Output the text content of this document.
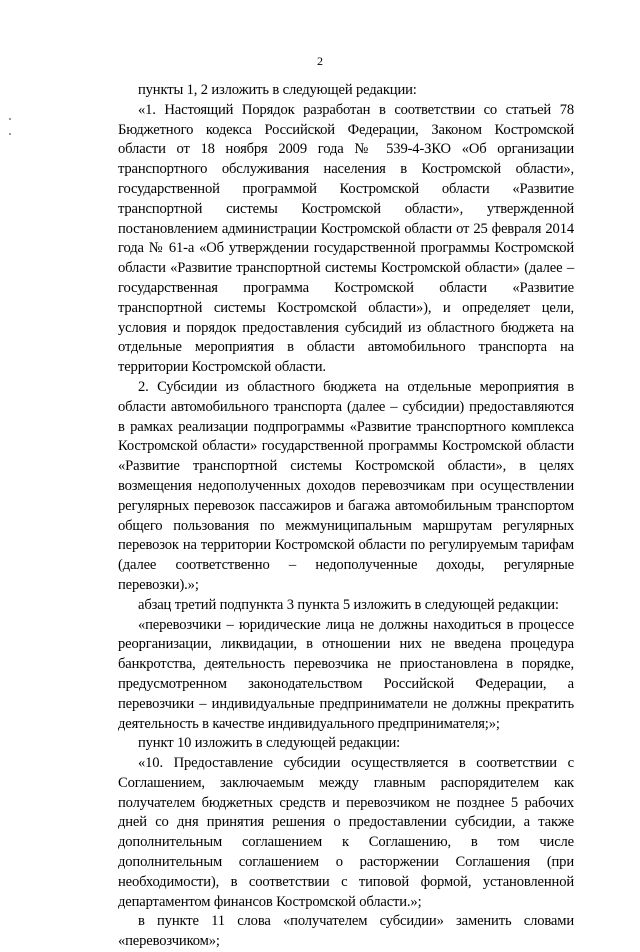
2

пункты 1, 2 изложить в следующей редакции:

«1. Настоящий Порядок разработан в соответствии со статьей 78 Бюджетного кодекса Российской Федерации, Законом Костромской области от 18 ноября 2009 года № 539-4-ЗКО «Об организации транспортного обслуживания населения в Костромской области», государственной программой Костромской области «Развитие транспортной системы Костромской области», утвержденной постановлением администрации Костромской области от 25 февраля 2014 года № 61-а «Об утверждении государственной программы Костромской области «Развитие транспортной системы Костромской области» (далее – государственная программа Костромской области «Развитие транспортной системы Костромской области»), и определяет цели, условия и порядок предоставления субсидий из областного бюджета на отдельные мероприятия в области автомобильного транспорта на территории Костромской области.

2. Субсидии из областного бюджета на отдельные мероприятия в области автомобильного транспорта (далее – субсидии) предоставляются в рамках реализации подпрограммы «Развитие транспортного комплекса Костромской области» государственной программы Костромской области «Развитие транспортной системы Костромской области», в целях возмещения недополученных доходов перевозчикам при осуществлении регулярных перевозок пассажиров и багажа автомобильным транспортом общего пользования по межмуниципальным маршрутам регулярных перевозок на территории Костромской области по регулируемым тарифам (далее соответственно – недополученные доходы, регулярные перевозки).»;

абзац третий подпункта 3 пункта 5 изложить в следующей редакции:

«перевозчики – юридические лица не должны находиться в процессе реорганизации, ликвидации, в отношении них не введена процедура банкротства, деятельность перевозчика не приостановлена в порядке, предусмотренном законодательством Российской Федерации, а перевозчики – индивидуальные предприниматели не должны прекратить деятельность в качестве индивидуального предпринимателя;»;

пункт 10 изложить в следующей редакции:

«10. Предоставление субсидии осуществляется в соответствии с Соглашением, заключаемым между главным распорядителем как получателем бюджетных средств и перевозчиком не позднее 5 рабочих дней со дня принятия решения о предоставлении субсидии, а также дополнительным соглашением к Соглашению, в том числе дополнительным соглашением о расторжении Соглашения (при необходимости), в соответствии с типовой формой, установленной департаментом финансов Костромской области.»;

в пункте 11 слова «получателем субсидии» заменить словами «перевозчиком»;
